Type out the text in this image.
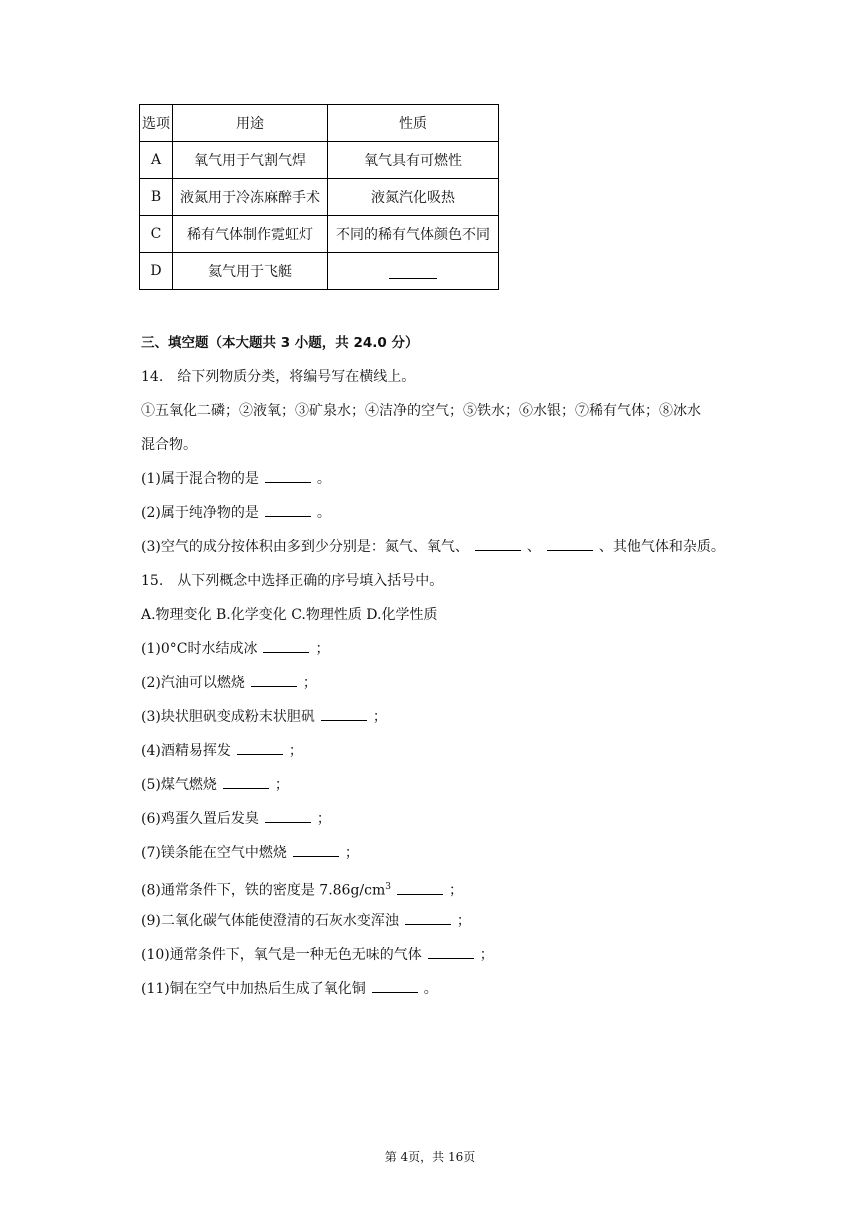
选项	用途	性质
A	氧气用于气割气焊	氧气具有可燃性
B	液氮用于冷冻麻醉手术	液氮汽化吸热
C	稀有气体制作霓虹灯	不同的稀有气体颜色不同
D	氦气用于飞艇	
三、填空题（本大题共 3 小题，共 24.0 分）
14.　给下列物质分类，将编号写在横线上。
①五氧化二磷；②液氧；③矿泉水；④洁净的空气；⑤铁水；⑥水银；⑦稀有气体；⑧冰水
混合物。
(1)属于混合物的是	。
(2)属于纯净物的是	。
(3)空气的成分按体积由多到少分别是：氮气、氧气、	、	、其他气体和杂质。
15.　从下列概念中选择正确的序号填入括号中。
A.物理变化 B.化学变化 C.物理性质 D.化学性质
(1)0°C时水结成冰	；
(2)汽油可以燃烧	；
(3)块状胆矾变成粉末状胆矾	；
(4)酒精易挥发	；
(5)煤气燃烧	；
(6)鸡蛋久置后发臭	；
(7)镁条能在空气中燃烧	；
(8)通常条件下，铁的密度是 $7.86g/cm^3$	；
(9)二氧化碳气体能使澄清的石灰水变浑浊	；
(10)通常条件下，氧气是一种无色无味的气体	；
(11)铜在空气中加热后生成了氧化铜	。
第 4页，共 16页
